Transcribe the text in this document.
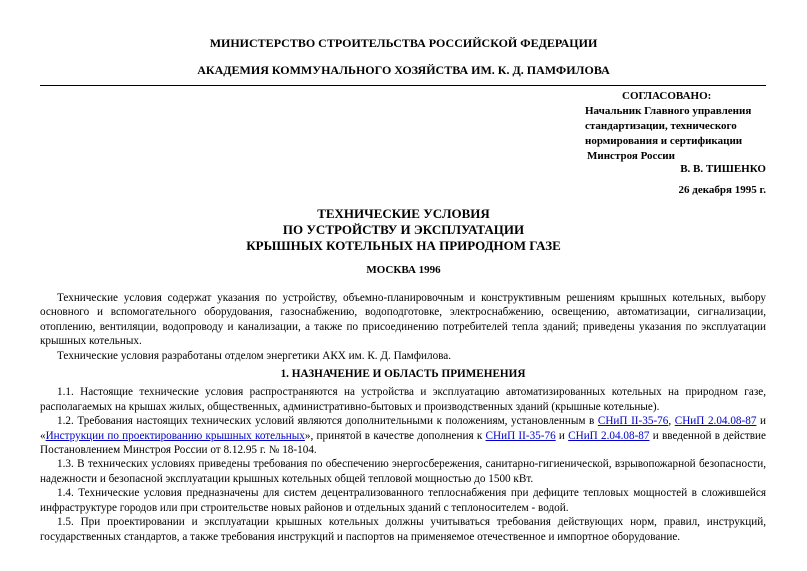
МИНИСТЕРСТВО СТРОИТЕЛЬСТВА РОССИЙСКОЙ ФЕДЕРАЦИИ
АКАДЕМИЯ КОММУНАЛЬНОГО ХОЗЯЙСТВА ИМ. К. Д. ПАМФИЛОВА
СОГЛАСОВАНО:
Начальник Главного управления
стандартизации, технического
нормирования и сертификации
Минстроя России
В. В. ТИШЕНКО
26 декабря 1995 г.
ТЕХНИЧЕСКИЕ УСЛОВИЯ
ПО УСТРОЙСТВУ И ЭКСПЛУАТАЦИИ
КРЫШНЫХ КОТЕЛЬНЫХ НА ПРИРОДНОМ ГАЗЕ
МОСКВА 1996

Технические условия содержат указания по устройству, объемно-планировочным и конструктивным решениям крышных котельных, выбору основного и вспомогательного оборудования, газоснабжению, водоподготовке, электроснабжению, освещению, автоматизации, сигнализации, отоплению, вентиляции, водопроводу и канализации, а также по присоединению потребителей тепла зданий; приведены указания по эксплуатации крышных котельных.

Технические условия разработаны отделом энергетики АКХ им. К. Д. Памфилова.

1. НАЗНАЧЕНИЕ И ОБЛАСТЬ ПРИМЕНЕНИЯ

1.1. Настоящие технические условия распространяются на устройства и эксплуатацию автоматизированных котельных на природном газе, располагаемых на крышах жилых, общественных, административно-бытовых и производственных зданий (крышные котельные).

1.2. Требования настоящих технических условий являются дополнительными к положениям, установленным в СНиП II-35-76, СНиП 2.04.08-87 и «Инструкции по проектированию крышных котельных», принятой в качестве дополнения к СНиП II-35-76 и СНиП 2.04.08-87 и введенной в действие Постановлением Минстроя России от 8.12.95 г. № 18-104.

1.3. В технических условиях приведены требования по обеспечению энергосбережения, санитарно-гигиенической, взрывопожарной безопасности, надежности и безопасной эксплуатации крышных котельных общей тепловой мощностью до 1500 кВт.

1.4. Технические условия предназначены для систем децентрализованного теплоснабжения при дефиците тепловых мощностей в сложившейся инфраструктуре городов или при строительстве новых районов и отдельных зданий с теплоносителем - водой.

1.5. При проектировании и эксплуатации крышных котельных должны учитываться требования действующих норм, правил, инструкций, государственных стандартов, а также требования инструкций и паспортов на применяемое отечественное и импортное оборудование.
